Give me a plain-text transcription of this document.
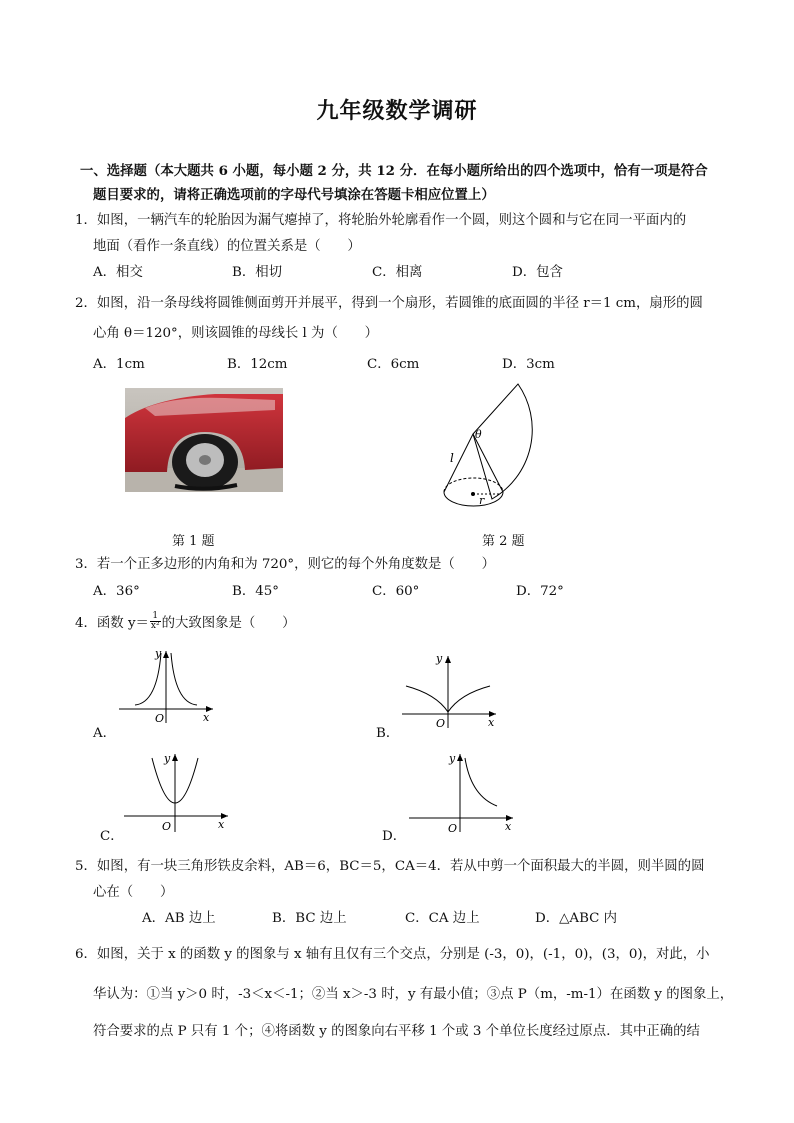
九年级数学调研
一、选择题（本大题共 6 小题，每小题 2 分，共 12 分．在每小题所给出的四个选项中，恰有一项是符合
题目要求的，请将正确选项前的字母代号填涂在答题卡相应位置上）
1．如图，一辆汽车的轮胎因为漏气瘪掉了，将轮胎外轮廓看作一个圆，则这个圆和与它在同一平面内的
地面（看作一条直线）的位置关系是（　　）
A．相交	B．相切	C．相离	D．包含
2．如图，沿一条母线将圆锥侧面剪开并展平，得到一个扇形，若圆锥的底面圆的半径 r＝1 cm，扇形的圆
心角 θ＝120°，则该圆锥的母线长 l 为（　　）
A．1cm	B．12cm	C．6cm	D．3cm
第 1 题
θ
l
r
第 2 题
3．若一个正多边形的内角和为 720°，则它的每个外角度数是（　　）
A．36°	B．45°	C．60°	D．72°
4．函数 $y= \frac{1}{\text{x²}}$ 的大致图象是（　　）
y
x
O
A．
y
x
O
B．
y
x
O
C．
y
x
O
D．
5．如图，有一块三角形铁皮余料，AB＝6，BC＝5，CA＝4．若从中剪一个面积最大的半圆，则半圆的圆
心在（　　）
A．AB 边上	B．BC 边上	C．CA 边上	D．△ABC 内
6．如图，关于 x 的函数 y 的图象与 x 轴有且仅有三个交点，分别是 (-3，0)，(-1，0)，(3，0)，对此，小
华认为：①当 y＞0 时，-3＜x＜-1；②当 x＞-3 时，y 有最小值；③点 P（m，-m-1）在函数 y 的图象上，
符合要求的点 P 只有 1 个；④将函数 y 的图象向右平移 1 个或 3 个单位长度经过原点．其中正确的结
